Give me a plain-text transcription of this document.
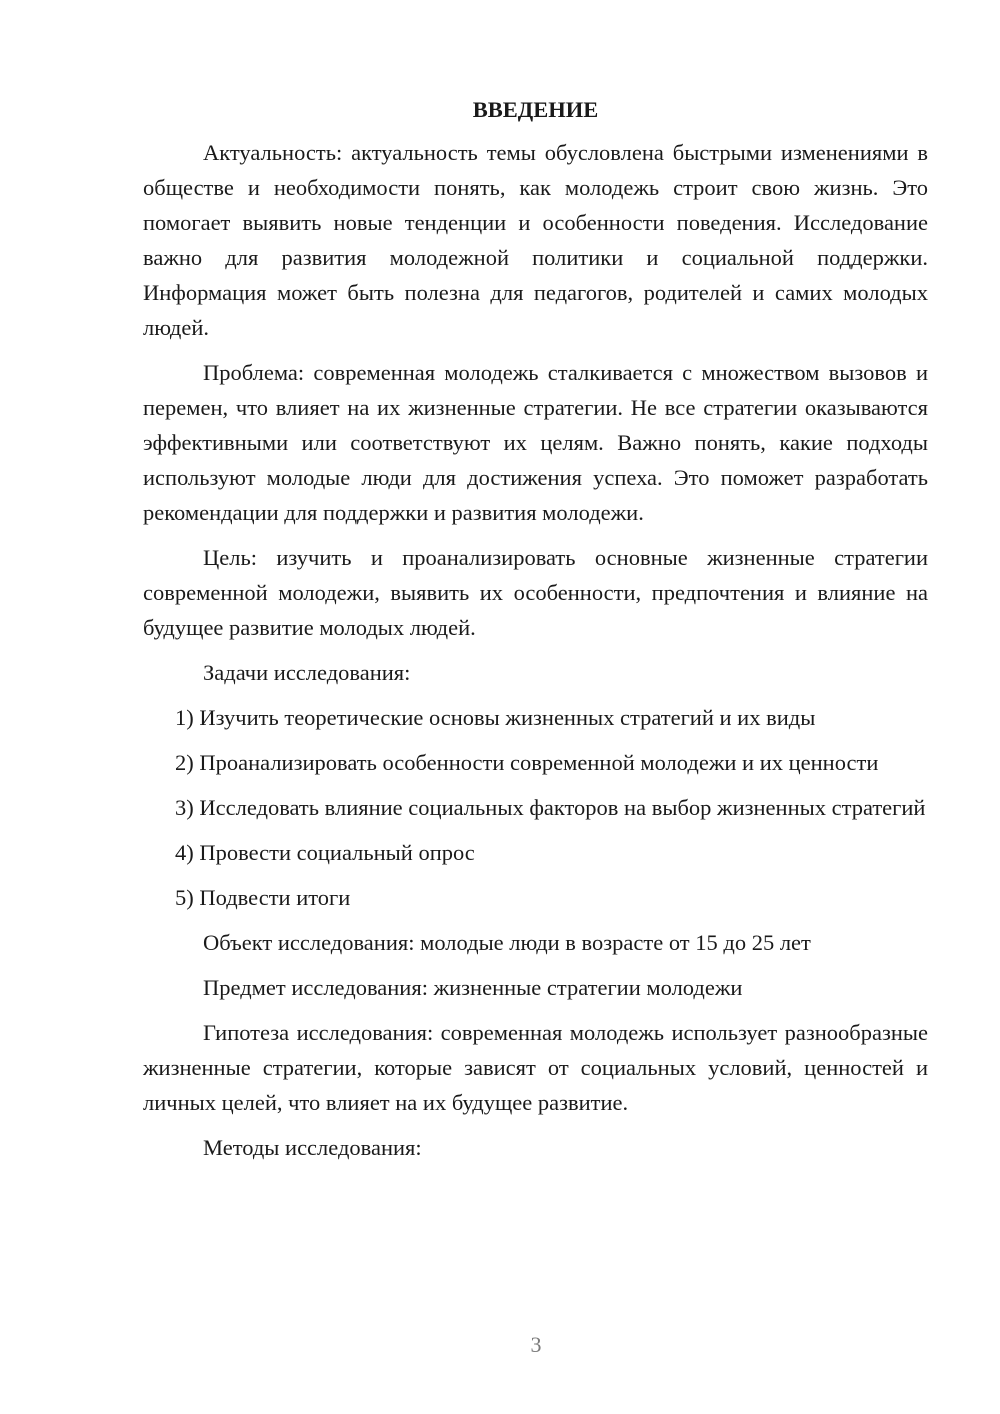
ВВЕДЕНИЕ

Актуальность: актуальность темы обусловлена быстрыми изменениями в обществе и необходимости понять, как молодежь строит свою жизнь. Это помогает выявить новые тенденции и особенности поведения. Исследование важно для развития молодежной политики и социальной поддержки. Информация может быть полезна для педагогов, родителей и самих молодых людей.

Проблема: современная молодежь сталкивается с множеством вызовов и перемен, что влияет на их жизненные стратегии. Не все стратегии оказываются эффективными или соответствуют их целям. Важно понять, какие подходы используют молодые люди для достижения успеха. Это поможет разработать рекомендации для поддержки и развития молодежи.

Цель: изучить и проанализировать основные жизненные стратегии современной молодежи, выявить их особенности, предпочтения и влияние на будущее развитие молодых людей.

Задачи исследования:

1) Изучить теоретические основы жизненных стратегий и их виды

2) Проанализировать особенности современной молодежи и их ценности

3) Исследовать влияние социальных факторов на выбор жизненных стратегий

4) Провести социальный опрос

5) Подвести итоги

Объект исследования: молодые люди в возрасте от 15 до 25 лет

Предмет исследования: жизненные стратегии молодежи

Гипотеза исследования: современная молодежь использует разнообразные жизненные стратегии, которые зависят от социальных условий, ценностей и личных целей, что влияет на их будущее развитие.

Методы исследования:

3
